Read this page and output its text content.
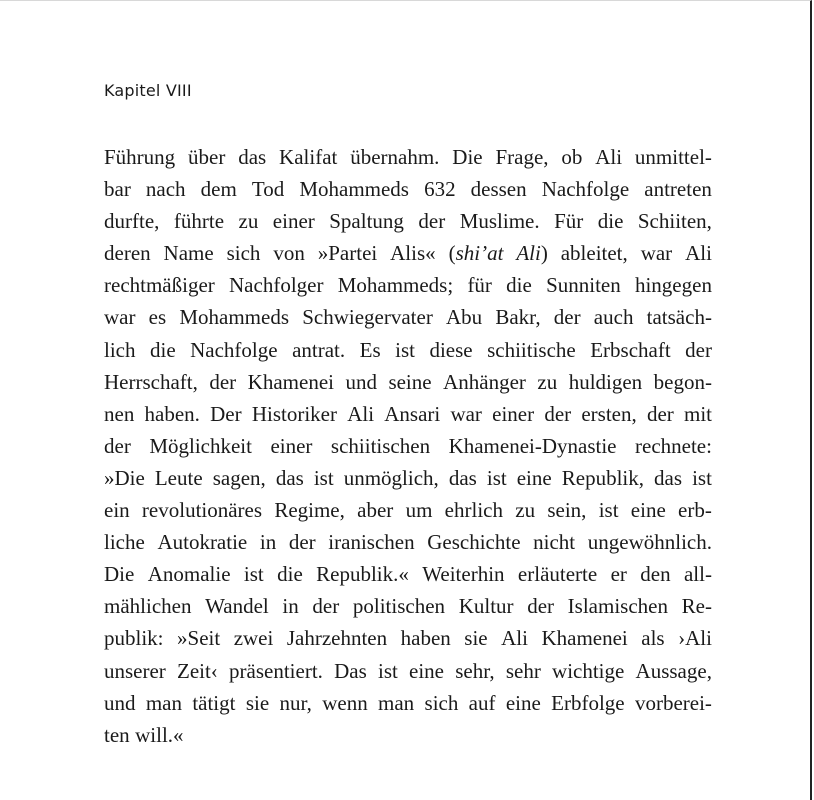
Kapitel VIII
Führung über das Kalifat übernahm. Die Frage, ob Ali unmittel-
bar nach dem Tod Mohammeds 632 dessen Nachfolge antreten
durfte, führte zu einer Spaltung der Muslime. Für die Schiiten,
deren Name sich von »Partei Alis« (shi’at Ali) ableitet, war Ali
rechtmäßiger Nachfolger Mohammeds; für die Sunniten hingegen
war es Mohammeds Schwiegervater Abu Bakr, der auch tatsäch-
lich die Nachfolge antrat. Es ist diese schiitische Erbschaft der
Herrschaft, der Khamenei und seine Anhänger zu huldigen begon-
nen haben. Der Historiker Ali Ansari war einer der ersten, der mit
der Möglichkeit einer schiitischen Khamenei-Dynastie rechnete:
»Die Leute sagen, das ist unmöglich, das ist eine Republik, das ist
ein revolutionäres Regime, aber um ehrlich zu sein, ist eine erb-
liche Autokratie in der iranischen Geschichte nicht ungewöhnlich.
Die Anomalie ist die Republik.« Weiterhin erläuterte er den all-
mählichen Wandel in der politischen Kultur der Islamischen Re-
publik: »Seit zwei Jahrzehnten haben sie Ali Khamenei als ›Ali
unserer Zeit‹ präsentiert. Das ist eine sehr, sehr wichtige Aussage,
und man tätigt sie nur, wenn man sich auf eine Erbfolge vorberei-
ten will.«
